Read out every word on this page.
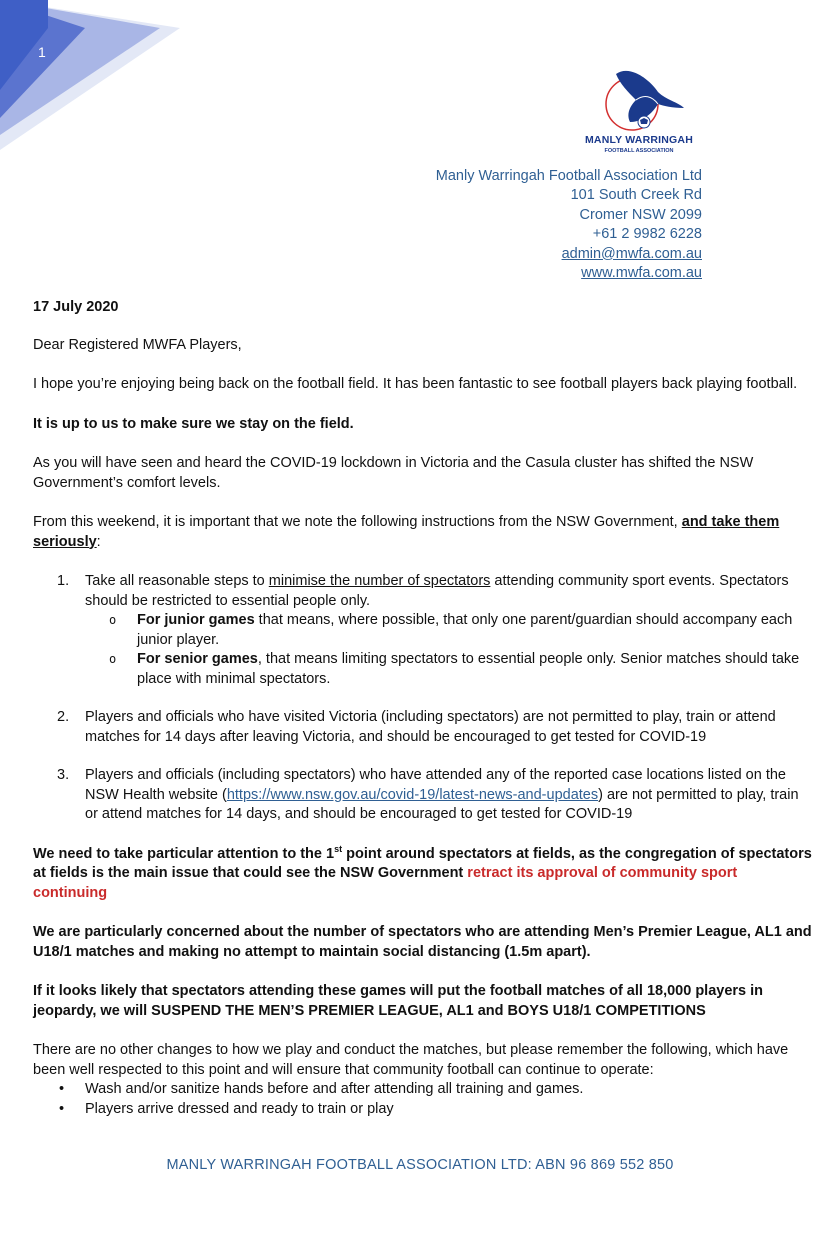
1
MANLY WARRINGAH
FOOTBALL ASSOCIATION
Manly Warringah Football Association Ltd
101 South Creek Rd
Cromer NSW 2099
+61 2 9982 6228
admin@mwfa.com.au
www.mwfa.com.au

17 July 2020

Dear Registered MWFA Players,

I hope you’re enjoying being back on the football field. It has been fantastic to see football players back playing football.

It is up to us to make sure we stay on the field.

As you will have seen and heard the COVID-19 lockdown in Victoria and the Casula cluster has shifted the NSW Government’s comfort levels.

From this weekend, it is important that we note the following instructions from the NSW Government, and take them seriously:

1. Take all reasonable steps to minimise the number of spectators attending community sport events. Spectators should be restricted to essential people only.
o For junior games that means, where possible, that only one parent/guardian should accompany each junior player.
o For senior games, that means limiting spectators to essential people only. Senior matches should take place with minimal spectators.
2. Players and officials who have visited Victoria (including spectators) are not permitted to play, train or attend matches for 14 days after leaving Victoria, and should be encouraged to get tested for COVID-19
3. Players and officials (including spectators) who have attended any of the reported case locations listed on the NSW Health website (https://www.nsw.gov.au/covid-19/latest-news-and-updates) are not permitted to play, train or attend matches for 14 days, and should be encouraged to get tested for COVID-19

We need to take particular attention to the 1st point around spectators at fields, as the congregation of spectators at fields is the main issue that could see the NSW Government retract its approval of community sport continuing

We are particularly concerned about the number of spectators who are attending Men’s Premier League, AL1 and U18/1 matches and making no attempt to maintain social distancing (1.5m apart).

If it looks likely that spectators attending these games will put the football matches of all 18,000 players in jeopardy, we will SUSPEND THE MEN’S PREMIER LEAGUE, AL1 and BOYS U18/1 COMPETITIONS

There are no other changes to how we play and conduct the matches, but please remember the following, which have been well respected to this point and will ensure that community football can continue to operate:

• Wash and/or sanitize hands before and after attending all training and games.
• Players arrive dressed and ready to train or play
MANLY WARRINGAH FOOTBALL ASSOCIATION LTD: ABN 96 869 552 850
